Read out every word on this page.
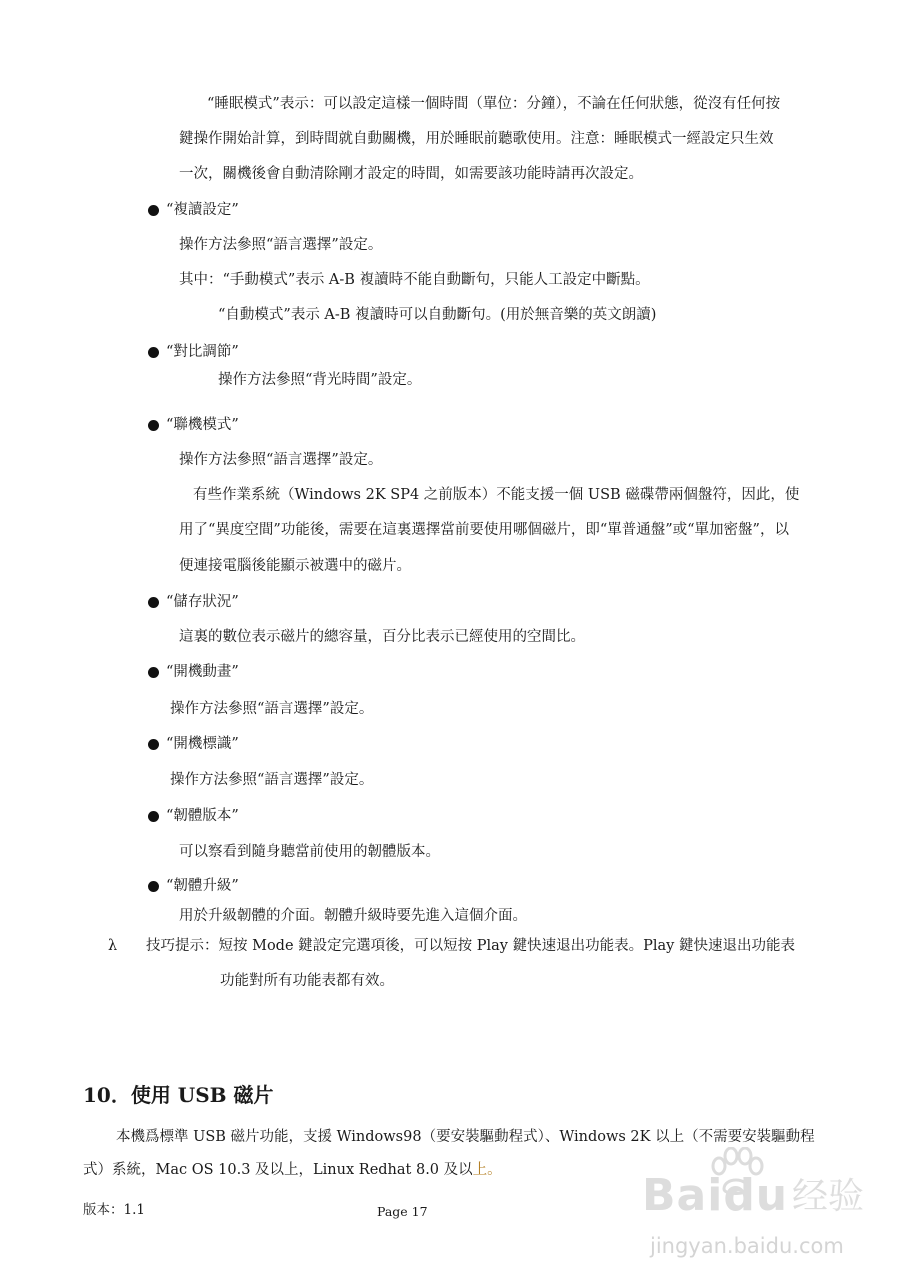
“睡眠模式”表示：可以設定這樣一個時間（單位：分鐘），不論在任何狀態，從沒有任何按
鍵操作開始計算，到時間就自動關機，用於睡眠前聽歌使用。注意：睡眠模式一經設定只生效
一次，關機後會自動清除剛才設定的時間，如需要該功能時請再次設定。
“複讀設定”
操作方法參照“語言選擇”設定。
其中：“手動模式”表示 A-B 複讀時不能自動斷句，只能人工設定中斷點。
“自動模式”表示 A-B 複讀時可以自動斷句。(用於無音樂的英文朗讀)
“對比調節”
操作方法參照“背光時間”設定。
“聯機模式”
操作方法參照“語言選擇”設定。
有些作業系統（Windows 2K SP4 之前版本）不能支援一個 USB 磁碟帶兩個盤符，因此，使
用了“異度空間”功能後，需要在這裏選擇當前要使用哪個磁片，即“單普通盤”或“單加密盤”，以
便連接電腦後能顯示被選中的磁片。
“儲存狀況”
這裏的數位表示磁片的總容量，百分比表示已經使用的空間比。
“開機動畫”
操作方法參照“語言選擇”設定。
“開機標識”
操作方法參照“語言選擇”設定。
“韌體版本”
可以察看到隨身聽當前使用的韌體版本。
“韌體升級”
用於升級韌體的介面。韌體升級時要先進入這個介面。
λ 技巧提示：短按 Mode 鍵設定完選項後，可以短按 Play 鍵快速退出功能表。Play 鍵快速退出功能表
功能對所有功能表都有效。
10．使用 USB 磁片
本機爲標準 USB 磁片功能，支援 Windows98（要安裝驅動程式）、Windows 2K 以上（不需要安裝驅動程
式）系統，Mac OS 10.3 及以上，Linux Redhat 8.0 及以上。
版本：1.1	Page 17	Baidu 经验
jingyan.baidu.com
